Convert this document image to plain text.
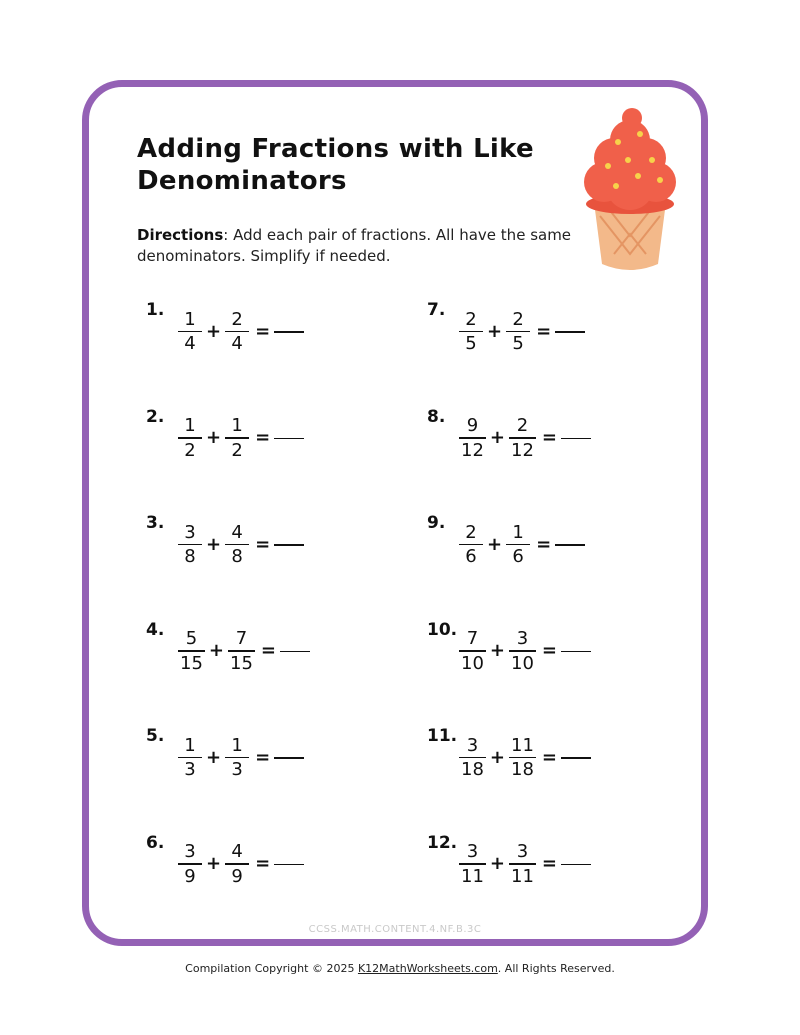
Adding Fractions with Like
Denominators
Directions: Add each pair of fractions. All have the same denominators. Simplify if needed.
1. $\frac{1}{4} + \frac{2}{4}$ =
2. $\frac{1}{2} + \frac{1}{2}$ =
3. $\frac{3}{8} + \frac{4}{8}$ =
4. $\frac{5}{15} + \frac{7}{15}$ =
5. $\frac{1}{3} + \frac{1}{3}$ =
6. $\frac{3}{9} + \frac{4}{9}$ =
7. $\frac{2}{5} + \frac{2}{5}$ =
8. $\frac{9}{12} + \frac{2}{12}$ =
9. $\frac{2}{6} + \frac{1}{6}$ =
10. $\frac{7}{10} + \frac{3}{10}$ =
11. $\frac{3}{18} + \frac{11}{18}$ =
12. $\frac{3}{11} + \frac{3}{11}$ =
CCSS.MATH.CONTENT.4.NF.B.3C
Compilation Copyright © 2025 K12MathWorksheets.com. All Rights Reserved.
